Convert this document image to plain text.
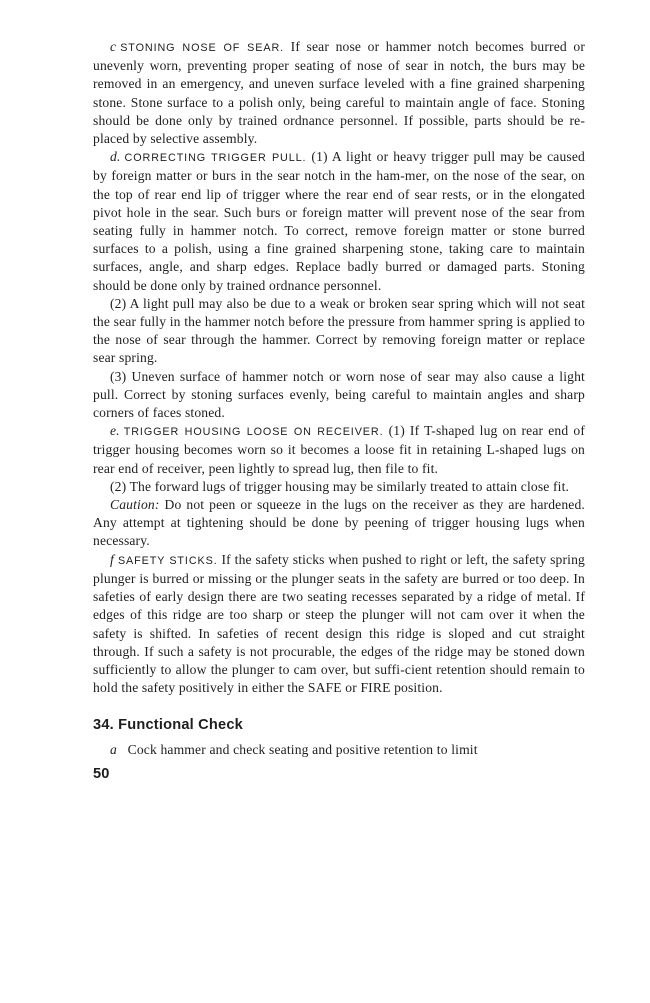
c STONING NOSE OF SEAR. If sear nose or hammer notch becomes burred or unevenly worn, preventing proper seating of nose of sear in notch, the burs may be removed in an emergency, and uneven surface leveled with a fine grained sharpening stone. Stone surface to a polish only, being careful to maintain angle of face. Stoning should be done only by trained ordnance personnel. If possible, parts should be re-placed by selective assembly.

d. CORRECTING TRIGGER PULL. (1) A light or heavy trigger pull may be caused by foreign matter or burs in the sear notch in the ham-mer, on the nose of the sear, on the top of rear end lip of trigger where the rear end of sear rests, or in the elongated pivot hole in the sear. Such burs or foreign matter will prevent nose of the sear from seating fully in hammer notch. To correct, remove foreign matter or stone burred surfaces to a polish, using a fine grained sharpening stone, taking care to maintain surfaces, angle, and sharp edges. Replace badly burred or damaged parts. Stoning should be done only by trained ordnance personnel.

(2) A light pull may also be due to a weak or broken sear spring which will not seat the sear fully in the hammer notch before the pressure from hammer spring is applied to the nose of sear through the hammer. Correct by removing foreign matter or replace sear spring.

(3) Uneven surface of hammer notch or worn nose of sear may also cause a light pull. Correct by stoning surfaces evenly, being careful to maintain angles and sharp corners of faces stoned.

e. TRIGGER HOUSING LOOSE ON RECEIVER. (1) If T-shaped lug on rear end of trigger housing becomes worn so it becomes a loose fit in retaining L-shaped lugs on rear end of receiver, peen lightly to spread lug, then file to fit.

(2) The forward lugs of trigger housing may be similarly treated to attain close fit.

Caution: Do not peen or squeeze in the lugs on the receiver as they are hardened. Any attempt at tightening should be done by peening of trigger housing lugs when necessary.

f SAFETY STICKS. If the safety sticks when pushed to right or left, the safety spring plunger is burred or missing or the plunger seats in the safety are burred or too deep. In safeties of early design there are two seating recesses separated by a ridge of metal. If edges of this ridge are too sharp or steep the plunger will not cam over it when the safety is shifted. In safeties of recent design this ridge is sloped and cut straight through. If such a safety is not procurable, the edges of the ridge may be stoned down sufficiently to allow the plunger to cam over, but suffi-cient retention should remain to hold the safety positively in either the SAFE or FIRE position.

34. Functional Check

a Cock hammer and check seating and positive retention to limit

50
